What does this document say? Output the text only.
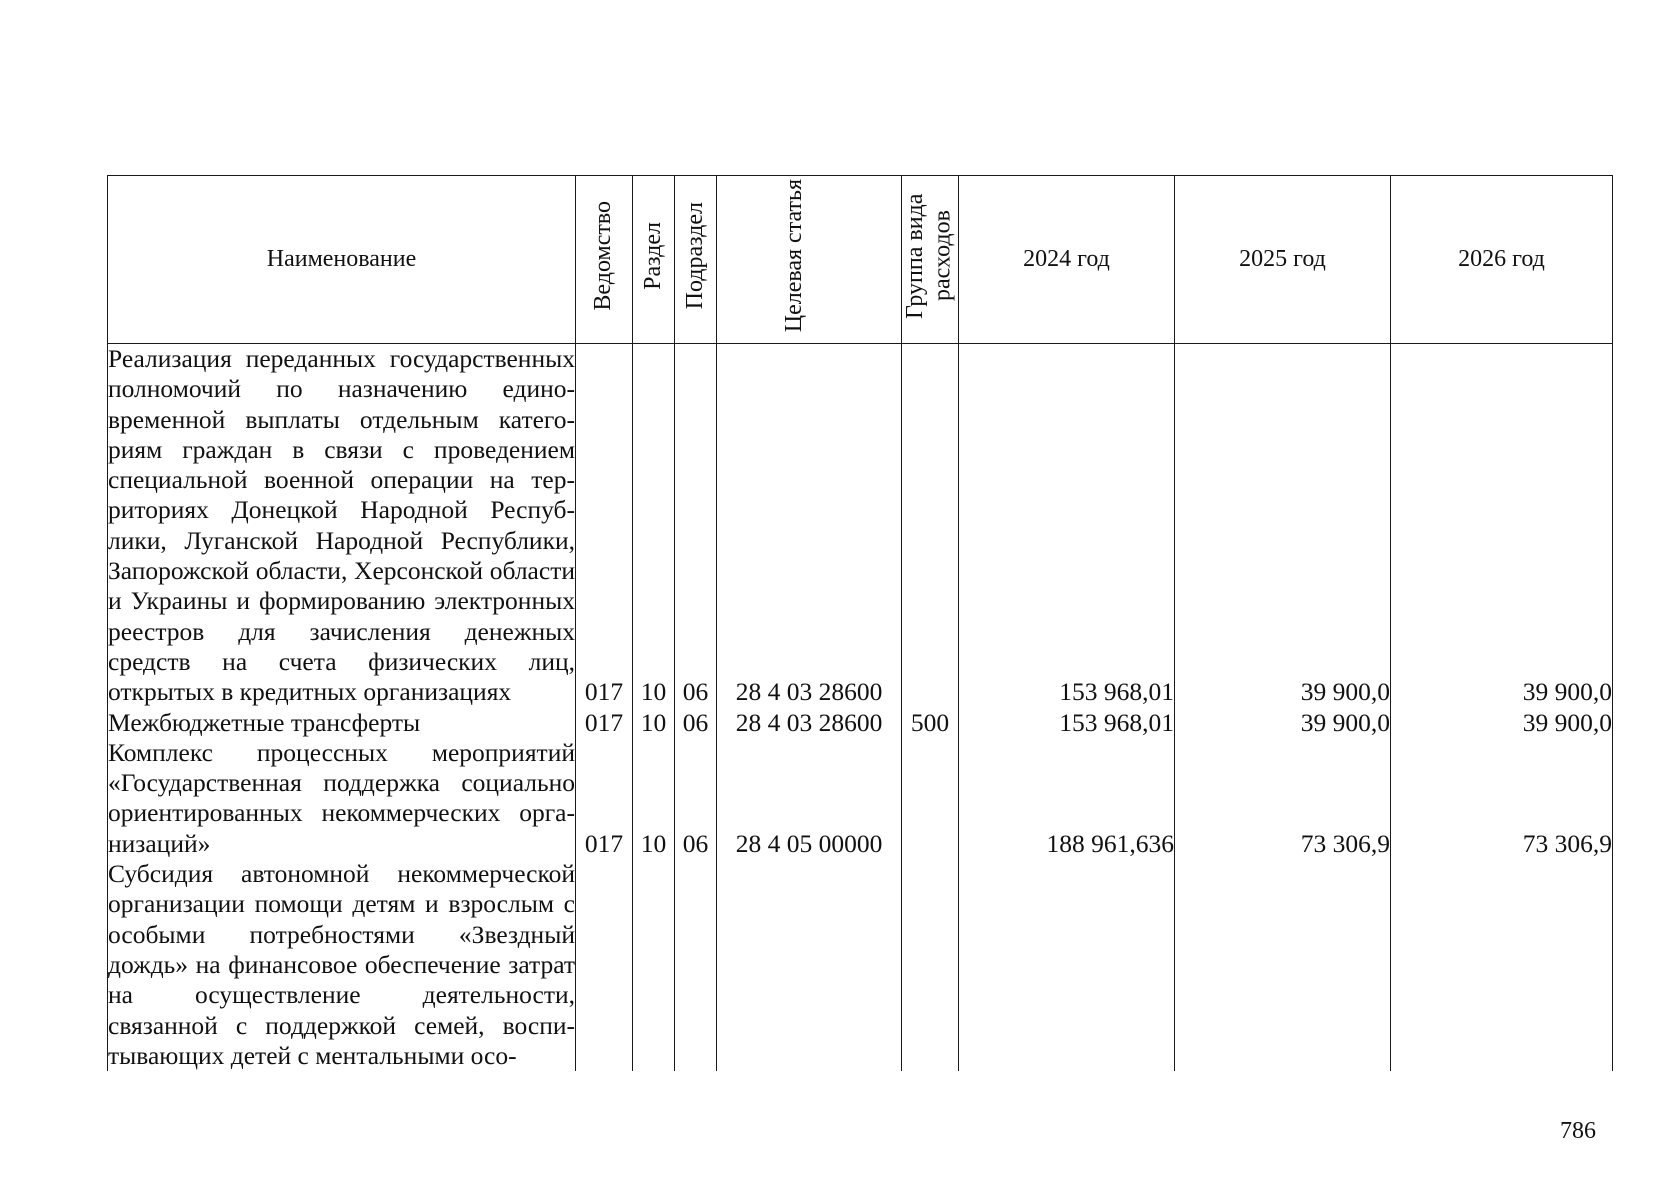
Наименование	Ведомство	Раздел	Подраздел	Целевая статья	Группа вида расходов	2024 год	2025 год	2026 год
Реализация переданных государственных полномочий по назначению единовременной выплаты отдельным категориям граждан в связи с проведением специальной военной операции на территориях Донецкой Народной Республики, Луганской Народной Республики, Запорожской области, Херсонской области и Украины и формированию электронных реестров для зачисления денежных средств на счета физических лиц, открытых в кредитных организациях	017	10	06	28 4 03 28600		153 968,01	39 900,0	39 900,0
Межбюджетные трансферты	017	10	06	28 4 03 28600	500	153 968,01	39 900,0	39 900,0
Комплекс процессных мероприятий «Государственная поддержка социально ориентированных некоммерческих организаций»	017	10	06	28 4 05 00000		188 961,636	73 306,9	73 306,9
Субсидия автономной некоммерческой организации помощи детям и взрослым с особыми потребностями «Звездный дождь» на финансовое обеспечение затрат на осуществление деятельности, связанной с поддержкой семей, воспитывающих детей с ментальными осо-								
786
